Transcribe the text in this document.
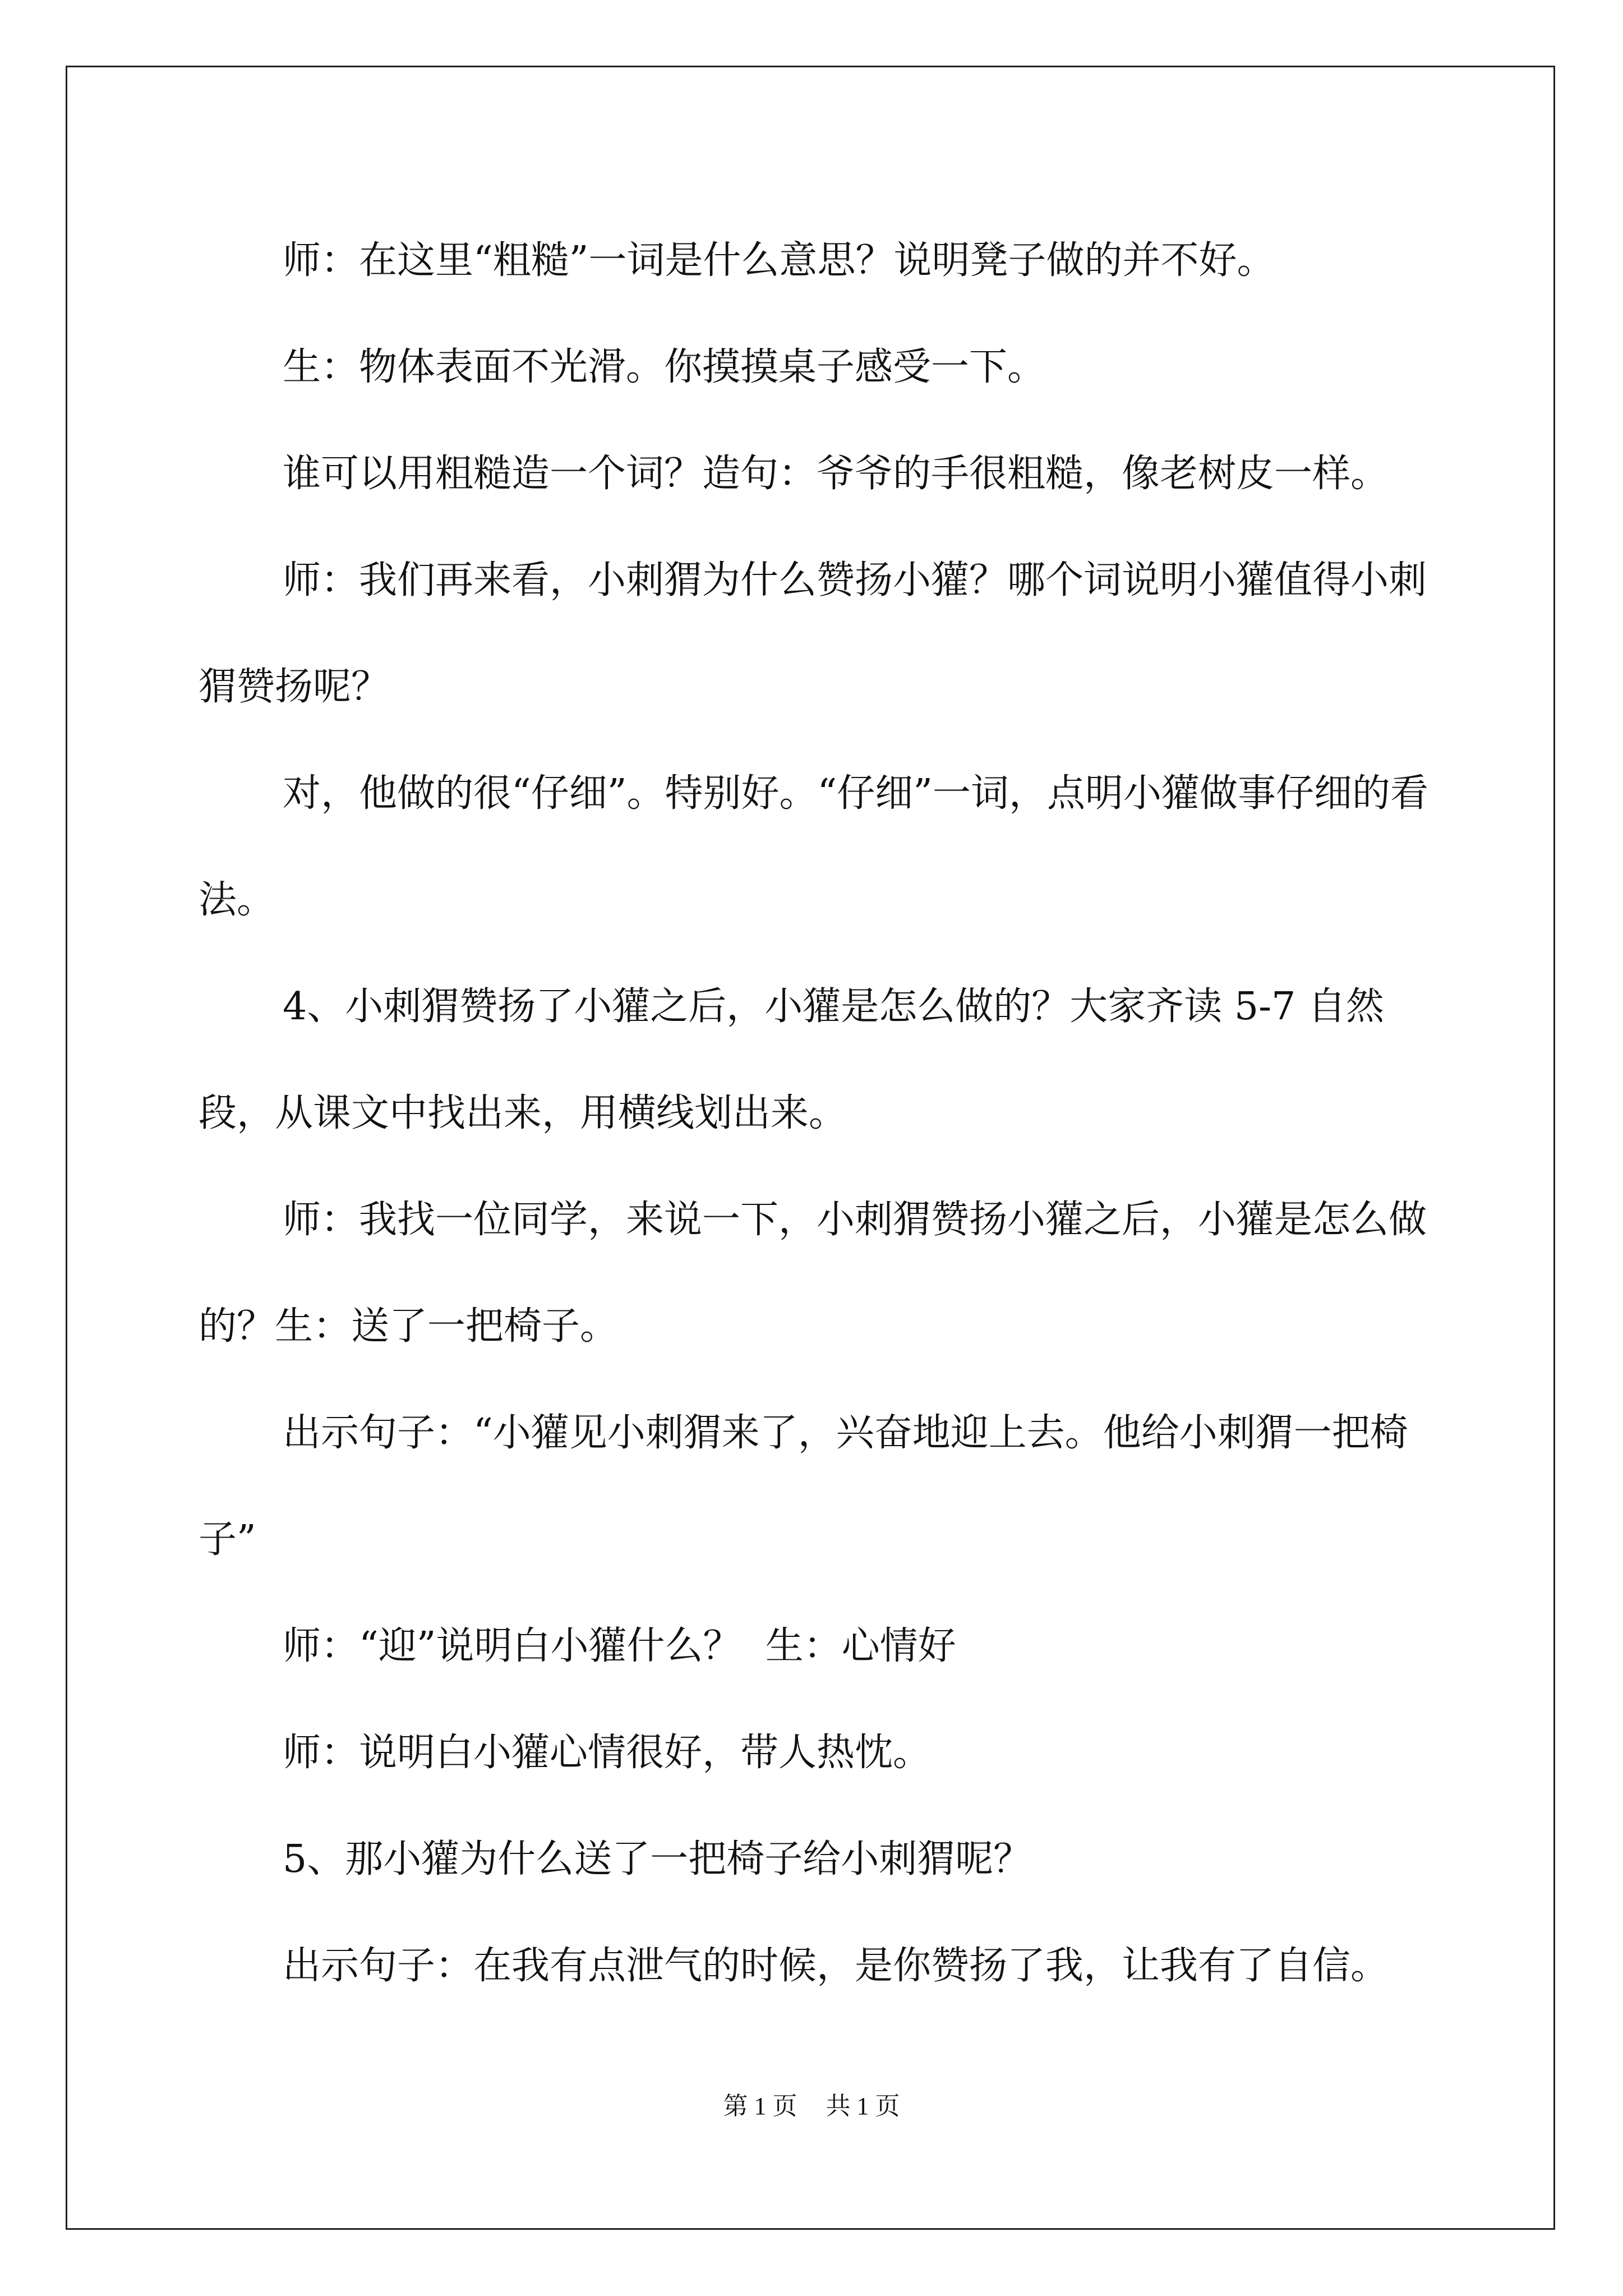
师：在这里“粗糙”一词是什么意思？说明凳子做的并不好。

生：物体表面不光滑。你摸摸桌子感受一下。

谁可以用粗糙造一个词？造句：爷爷的手很粗糙，像老树皮一样。

师：我们再来看，小刺猬为什么赞扬小獾？哪个词说明小獾值得小刺猬赞扬呢？

对，他做的很“仔细”。特别好。“仔细”一词，点明小獾做事仔细的看法。

4、小刺猬赞扬了小獾之后，小獾是怎么做的？大家齐读 5-7 自然段，从课文中找出来，用横线划出来。

师：我找一位同学，来说一下，小刺猬赞扬小獾之后，小獾是怎么做的？生：送了一把椅子。

出示句子：“小獾见小刺猬来了，兴奋地迎上去。他给小刺猬一把椅子”

师：“迎”说明白小獾什么？  生：心情好

师：说明白小獾心情很好，带人热忱。

5、那小獾为什么送了一把椅子给小刺猬呢？

出示句子：在我有点泄气的时候，是你赞扬了我，让我有了自信。

第 1 页 共 1 页
